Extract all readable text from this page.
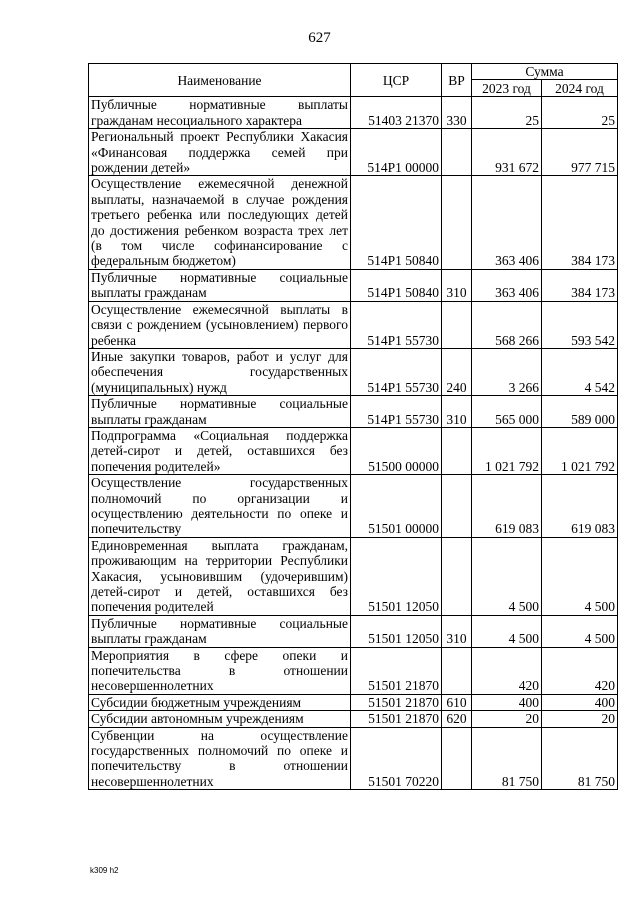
627
Наименование	ЦСР	ВР	Сумма	
			2023 год	2024 год
Публичные нормативные выплаты гражданам несоциального характера	51403 21370	330	25	25
Региональный проект Республики Хакасия «Финансовая поддержка семей при рождении детей»	514P1 00000		931 672	977 715
Осуществление ежемесячной денежной выплаты, назначаемой в случае рождения третьего ребенка или последующих детей до достижения ребенком возраста трех лет (в том числе софинансирование с федеральным бюджетом)	514P1 50840		363 406	384 173
Публичные нормативные социальные выплаты гражданам	514P1 50840	310	363 406	384 173
Осуществление ежемесячной выплаты в связи с рождением (усыновлением) первого ребенка	514P1 55730		568 266	593 542
Иные закупки товаров, работ и услуг для обеспечения государственных (муниципальных) нужд	514P1 55730	240	3 266	4 542
Публичные нормативные социальные выплаты гражданам	514P1 55730	310	565 000	589 000
Подпрограмма «Социальная поддержка детей-сирот и детей, оставшихся без попечения родителей»	51500 00000		1 021 792	1 021 792
Осуществление государственных полномочий по организации и осуществлению деятельности по опеке и попечительству	51501 00000		619 083	619 083
Единовременная выплата гражданам, проживающим на территории Республики Хакасия, усыновившим (удочерившим) детей-сирот и детей, оставшихся без попечения родителей	51501 12050		4 500	4 500
Публичные нормативные социальные выплаты гражданам	51501 12050	310	4 500	4 500
Мероприятия в сфере опеки и попечительства в отношении несовершеннолетних	51501 21870		420	420
Субсидии бюджетным учреждениям	51501 21870	610	400	400
Субсидии автономным учреждениям	51501 21870	620	20	20
Субвенции на осуществление государственных полномочий по опеке и попечительству в отношении несовершеннолетних	51501 70220		81 750	81 750
k309 h2
